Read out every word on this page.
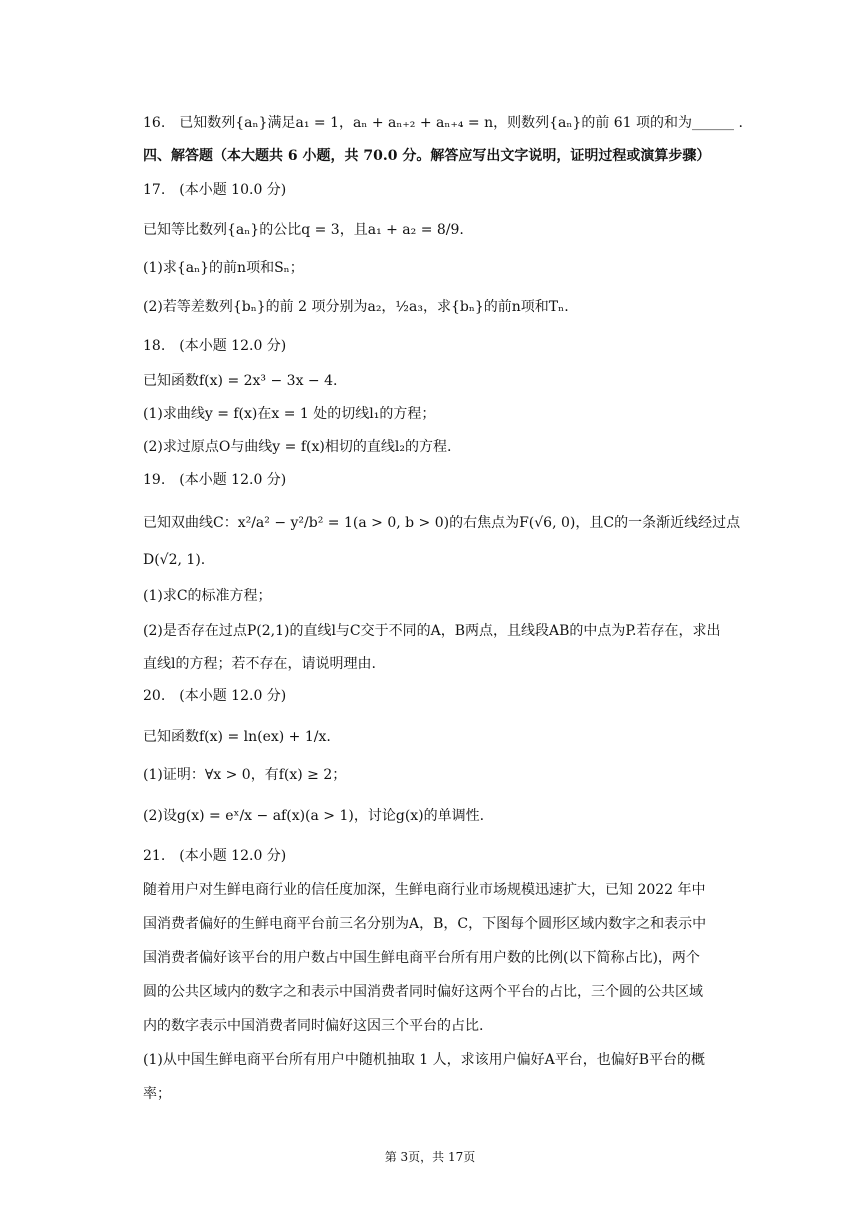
16.　已知数列{aₙ}满足a₁ = 1，aₙ + aₙ₊₂ + aₙ₊₄ = n，则数列{aₙ}的前 61 项的和为______ .
四、解答题（本大题共 6 小题，共 70.0 分。解答应写出文字说明，证明过程或演算步骤）
17.　(本小题 10.0 分)
已知等比数列{aₙ}的公比q = 3，且a₁ + a₂ = 8/9.
(1)求{aₙ}的前n项和Sₙ；
(2)若等差数列{bₙ}的前 2 项分别为a₂，½a₃，求{bₙ}的前n项和Tₙ.
18.　(本小题 12.0 分)
已知函数f(x) = 2x³ − 3x − 4.
(1)求曲线y = f(x)在x = 1 处的切线l₁的方程；
(2)求过原点O与曲线y = f(x)相切的直线l₂的方程.
19.　(本小题 12.0 分)
已知双曲线C：x²/a² − y²/b² = 1(a > 0, b > 0)的右焦点为F(√6, 0)，且C的一条渐近线经过点
D(√2, 1).
(1)求C的标准方程；
(2)是否存在过点P(2,1)的直线l与C交于不同的A，B两点，且线段AB的中点为P.若存在，求出
直线l的方程；若不存在，请说明理由.
20.　(本小题 12.0 分)
已知函数f(x) = ln(ex) + 1/x.
(1)证明：∀x > 0，有f(x) ≥ 2；
(2)设g(x) = eˣ/x − af(x)(a > 1)，讨论g(x)的单调性.
21.　(本小题 12.0 分)
随着用户对生鲜电商行业的信任度加深，生鲜电商行业市场规模迅速扩大，已知 2022 年中
国消费者偏好的生鲜电商平台前三名分别为A，B，C，下图每个圆形区域内数字之和表示中
国消费者偏好该平台的用户数占中国生鲜电商平台所有用户数的比例(以下简称占比)，两个
圆的公共区域内的数字之和表示中国消费者同时偏好这两个平台的占比，三个圆的公共区域
内的数字表示中国消费者同时偏好这因三个平台的占比.
(1)从中国生鲜电商平台所有用户中随机抽取 1 人，求该用户偏好A平台，也偏好B平台的概
率；
第 3页，共 17页
